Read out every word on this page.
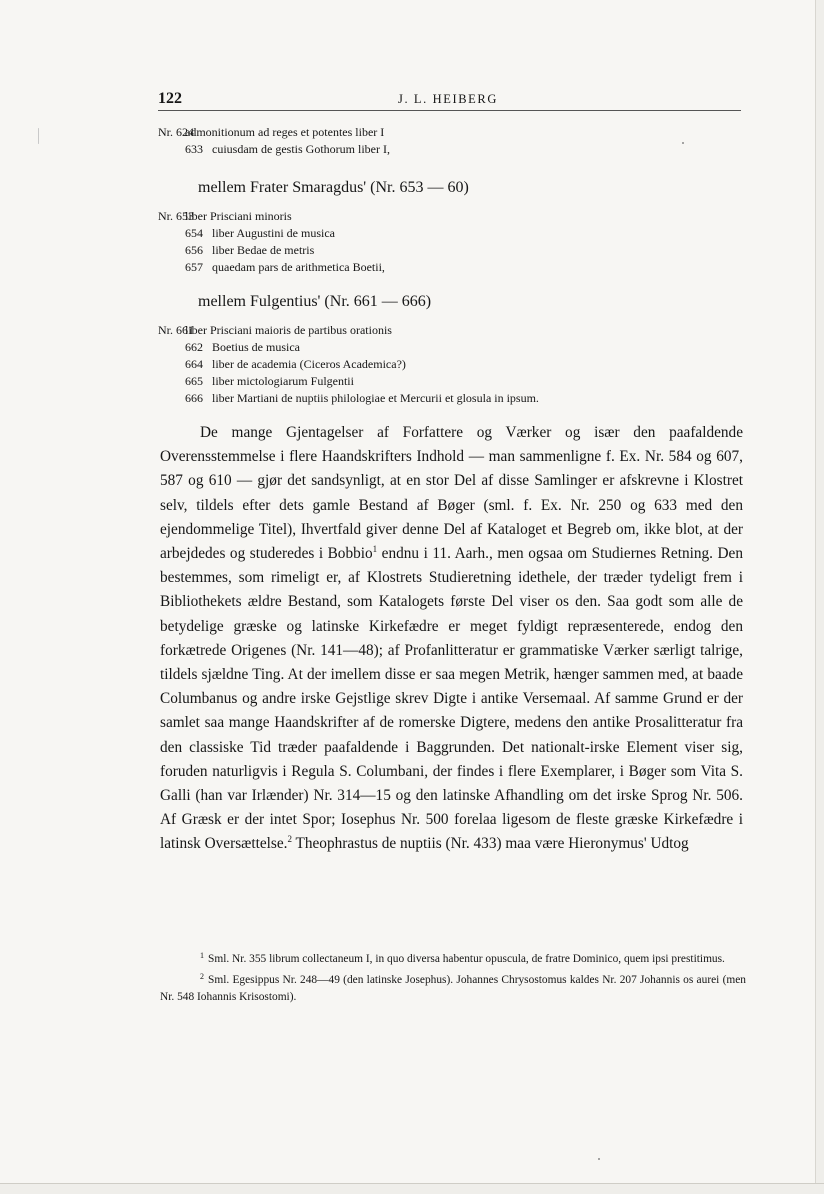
122	J. L. HEIBERG
Nr. 624admonitionum ad reges et potentes liber I
633 cuiusdam de gestis Gothorum liber I,
mellem Frater Smaragdus' (Nr. 653 — 60)
Nr. 653liber Prisciani minoris
654 liber Augustini de musica
656 liber Bedae de metris
657 quaedam pars de arithmetica Boetii,
mellem Fulgentius' (Nr. 661 — 666)
Nr. 661liber Prisciani maioris de partibus orationis
662 Boetius de musica
664 liber de academia (Ciceros Academica?)
665 liber mictologiarum Fulgentii
666 liber Martiani de nuptiis philologiae et Mercurii et glosula in ipsum.

De mange Gjentagelser af Forfattere og Værker og især den paafaldende Overensstemmelse i flere Haandskrifters Indhold — man sammenligne f. Ex. Nr. 584 og 607, 587 og 610 — gjør det sandsynligt, at en stor Del af disse Samlinger er afskrevne i Klostret selv, tildels efter dets gamle Bestand af Bøger (sml. f. Ex. Nr. 250 og 633 med den ejendommelige Titel), Ihvertfald giver denne Del af Kataloget et Begreb om, ikke blot, at der arbejdedes og studeredes i Bobbio$^1$ endnu i 11. Aarh., men ogsaa om Studiernes Retning. Den bestemmes, som rimeligt er, af Klostrets Studieretning idethele, der træder tydeligt frem i Bibliothekets ældre Bestand, som Katalogets første Del viser os den. Saa godt som alle de betydelige græske og latinske Kirkefædre er meget fyldigt repræsenterede, endog den forkætrede Origenes (Nr. 141—48); af Profanlitteratur er grammatiske Værker særligt talrige, tildels sjældne Ting. At der imellem disse er saa megen Metrik, hænger sammen med, at baade Columbanus og andre irske Gejstlige skrev Digte i antike Versemaal. Af samme Grund er der samlet saa mange Haandskrifter af de romerske Digtere, medens den antike Prosalitteratur fra den classiske Tid træder paafaldende i Baggrunden. Det nationalt-irske Element viser sig, foruden naturligvis i Regula S. Columbani, der findes i flere Exemplarer, i Bøger som Vita S. Galli (han var Irlænder) Nr. 314—15 og den latinske Afhandling om det irske Sprog Nr. 506. Af Græsk er der intet Spor; Iosephus Nr. 500 forelaa ligesom de fleste græske Kirkefædre i latinsk Oversættelse.$^2$ Theophrastus de nuptiis (Nr. 433) maa være Hieronymus' Udtog

$^1$ Sml. Nr. 355 librum collectaneum I, in quo diversa habentur opuscula, de fratre Dominico, quem ipsi prestitimus.

$^2$ Sml. Egesippus Nr. 248—49 (den latinske Josephus). Johannes Chrysostomus kaldes Nr. 207 Johannis os aurei (men Nr. 548 Iohannis Krisostomi).
